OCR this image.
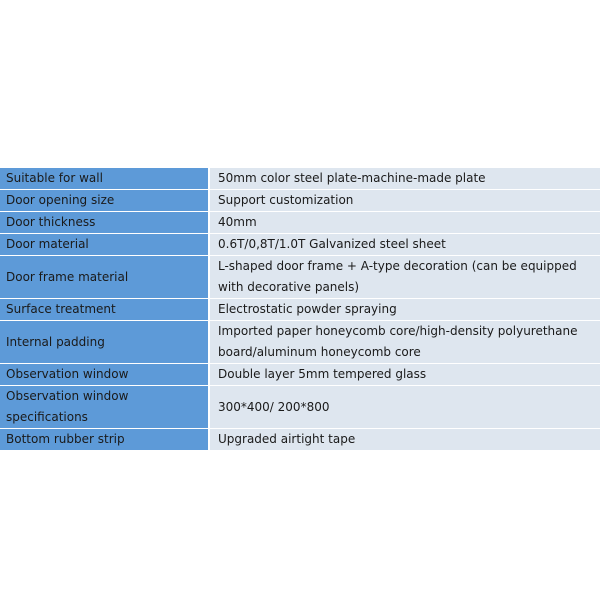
Suitable for wall	50mm color steel plate-machine-made plate
Door opening size	Support customization
Door thickness	40mm
Door material	0.6T/0,8T/1.0T Galvanized steel sheet
Door frame material	L-shaped door frame + A-type decoration (can be equipped with decorative panels)
Surface treatment	Electrostatic powder spraying
Internal padding	Imported paper honeycomb core/high-density polyurethane board/aluminum honeycomb core
Observation window	Double layer 5mm tempered glass
Observation window specifications	300*400/ 200*800
Bottom rubber strip	Upgraded airtight tape
